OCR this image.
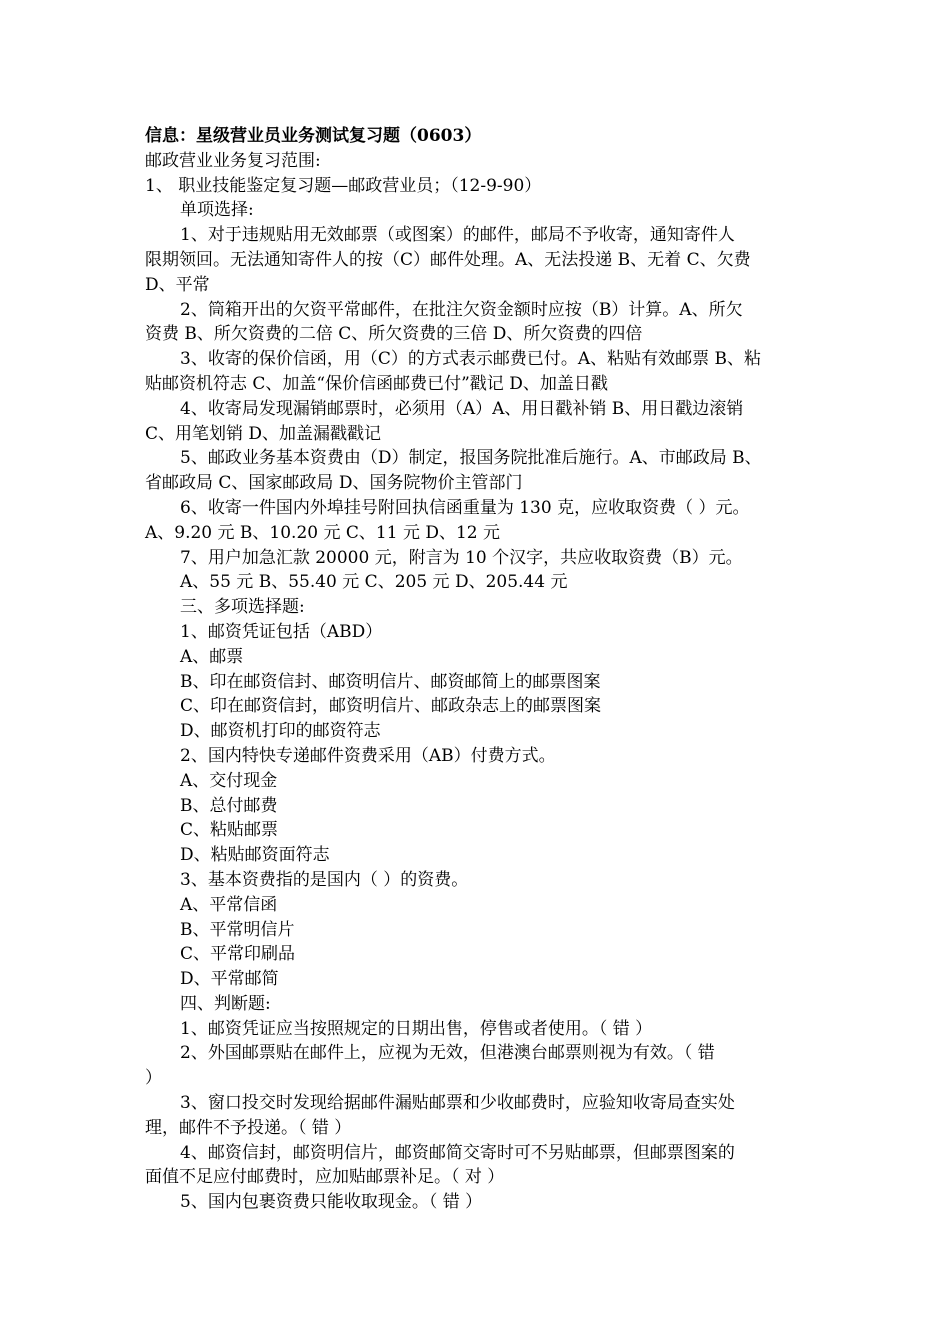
信息：星级营业员业务测试复习题（0603）
邮政营业业务复习范围:
1、 职业技能鉴定复习题—邮政营业员；（12-9-90）
单项选择:
1、对于违规贴用无效邮票（或图案）的邮件，邮局不予收寄，通知寄件人
限期领回。无法通知寄件人的按（C）邮件处理。A、无法投递 B、无着 C、欠费
D、平常
2、筒箱开出的欠资平常邮件，在批注欠资金额时应按（B）计算。A、所欠
资费 B、所欠资费的二倍 C、所欠资费的三倍 D、所欠资费的四倍
3、收寄的保价信函，用（C）的方式表示邮费已付。A、粘贴有效邮票 B、粘
贴邮资机符志 C、加盖“保价信函邮费已付”戳记 D、加盖日戳
4、收寄局发现漏销邮票时，必须用（A）A、用日戳补销 B、用日戳边滚销
C、用笔划销 D、加盖漏戳戳记
5、邮政业务基本资费由（D）制定，报国务院批准后施行。A、市邮政局 B、
省邮政局 C、国家邮政局 D、国务院物价主管部门
6、收寄一件国内外埠挂号附回执信函重量为 130 克，应收取资费（ ）元。
A、9.20 元 B、10.20 元 C、11 元 D、12 元
7、用户加急汇款 20000 元，附言为 10 个汉字，共应收取资费（B）元。
A、55 元 B、55.40 元 C、205 元 D、205.44 元
三、多项选择题:
1、邮资凭证包括（ABD）
A、邮票
B、印在邮资信封、邮资明信片、邮资邮简上的邮票图案
C、印在邮资信封，邮资明信片、邮政杂志上的邮票图案
D、邮资机打印的邮资符志
2、国内特快专递邮件资费采用（AB）付费方式。
A、交付现金
B、总付邮费
C、粘贴邮票
D、粘贴邮资面符志
3、基本资费指的是国内（ ）的资费。
A、平常信函
B、平常明信片
C、平常印刷品
D、平常邮简
四、判断题:
1、邮资凭证应当按照规定的日期出售，停售或者使用。（ 错 ）
2、外国邮票贴在邮件上，应视为无效，但港澳台邮票则视为有效。（ 错
）
3、窗口投交时发现给据邮件漏贴邮票和少收邮费时，应验知收寄局查实处
理，邮件不予投递。（ 错 ）
4、邮资信封，邮资明信片，邮资邮简交寄时可不另贴邮票，但邮票图案的
面值不足应付邮费时，应加贴邮票补足。（ 对 ）
5、国内包裹资费只能收取现金。（ 错 ）
